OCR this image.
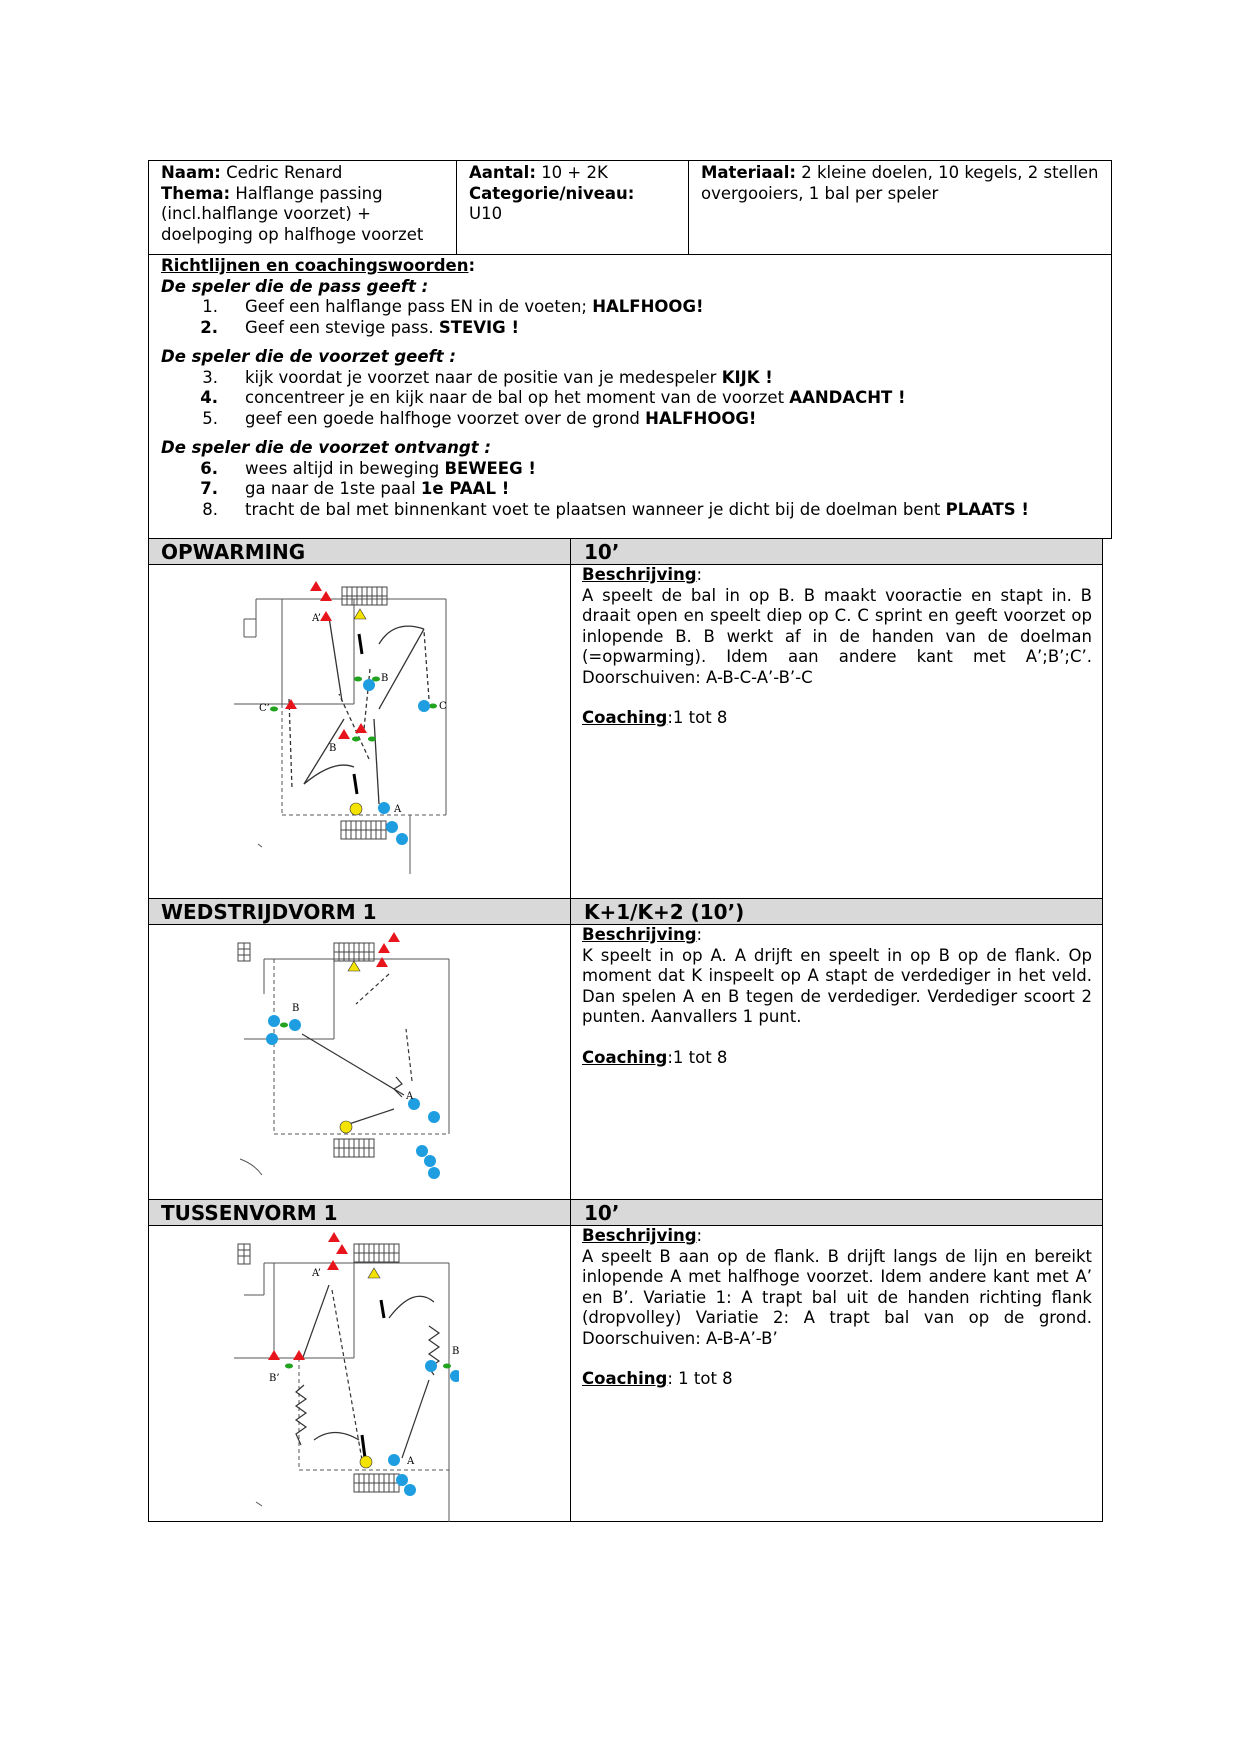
Naam: Cedric Renard
Thema: Halflange passing (incl.halflange voorzet) + doelpoging op halfhoge voorzet
Aantal: 10 + 2K
Categorie/niveau:
U10
Materiaal: 2 kleine doelen, 10 kegels, 2 stellen overgooiers, 1 bal per speler
Richtlijnen en coachingswoorden:
De speler die de pass geeft :
1. Geef een halflange pass EN in de voeten; HALFHOOG!
2. Geef een stevige pass. STEVIG !
De speler die de voorzet geeft :
3. kijk voordat je voorzet naar de positie van je medespeler KIJK !
4. concentreer je en kijk naar de bal op het moment van de voorzet AANDACHT !
5. geef een goede halfhoge voorzet over de grond HALFHOOG!
De speler die de voorzet ontvangt :
6. wees altijd in beweging BEWEEG !
7. ga naar de 1ste paal 1e PAAL !
8. tracht de bal met binnenkant voet te plaatsen wanneer je dicht bij de doelman bent PLAATS !
OPWARMING	10’
Beschrijving:
A speelt de bal in op B. B maakt vooractie en stapt in. B draait open en speelt diep op C. C sprint en geeft voorzet op inlopende B. B werkt af in de handen van de doelman (=opwarming). Idem aan andere kant met A’;B’;C’. Doorschuiven: A-B-C-A’-B’-C
Coaching:1 tot 8
A’
B
C’	C
B
A
WEDSTRIJDVORM 1	K+1/K+2 (10’)
Beschrijving:
K speelt in op A. A drijft en speelt in op B op de flank. Op moment dat K inspeelt op A stapt de verdediger in het veld. Dan spelen A en B tegen de verdediger. Verdediger scoort 2 punten. Aanvallers 1 punt.
Coaching:1 tot 8
B
A
TUSSENVORM 1	10’
Beschrijving:
A speelt B aan op de flank. B drijft langs de lijn en bereikt inlopende A met halfhoge voorzet. Idem andere kant met A’ en B’. Variatie 1: A trapt bal uit de handen richting flank (dropvolley) Variatie 2: A trapt bal van op de grond. Doorschuiven: A-B-A’-B’
Coaching: 1 tot 8
A’
B’
B
A
